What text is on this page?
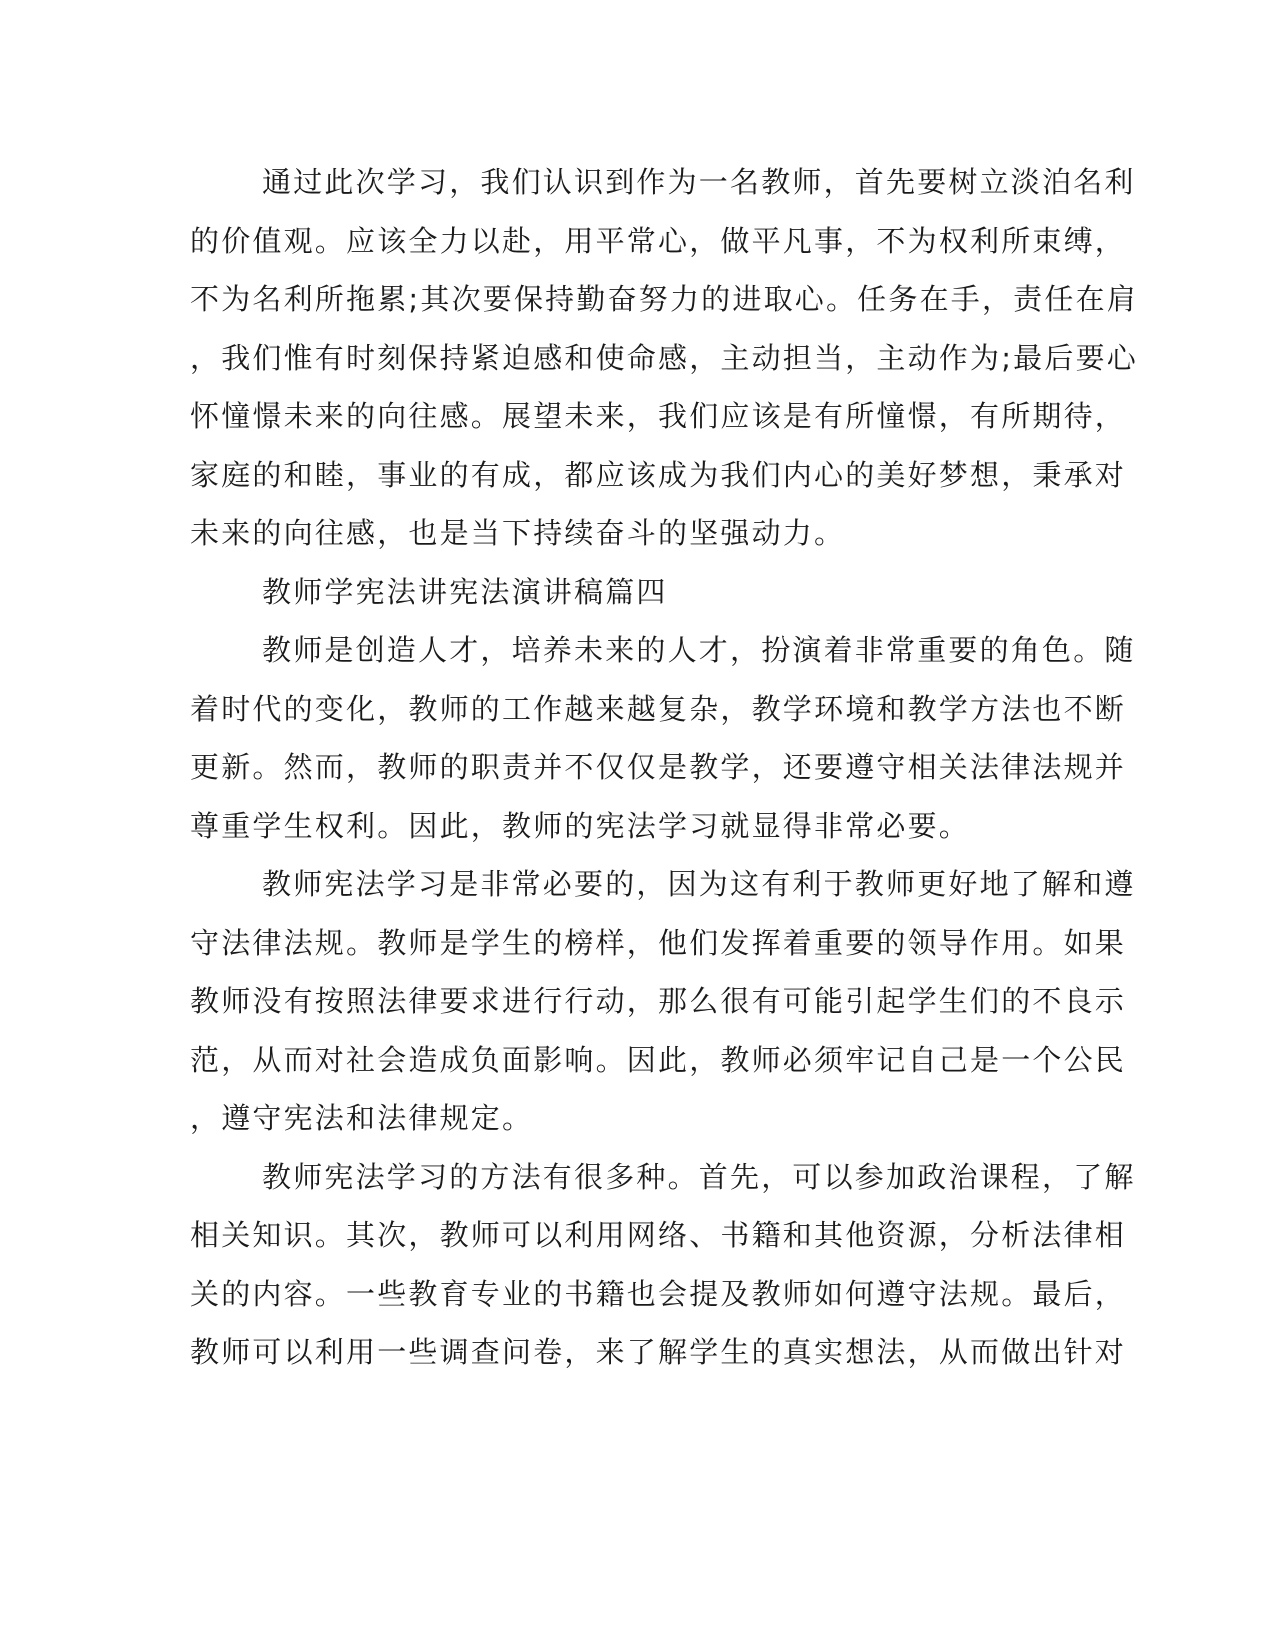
通过此次学习，我们认识到作为一名教师，首先要树立淡泊名利

的价值观。应该全力以赴，用平常心，做平凡事，不为权利所束缚，

不为名利所拖累;其次要保持勤奋努力的进取心。任务在手，责任在肩

，我们惟有时刻保持紧迫感和使命感，主动担当，主动作为;最后要心

怀憧憬未来的向往感。展望未来，我们应该是有所憧憬，有所期待，

家庭的和睦，事业的有成，都应该成为我们内心的美好梦想，秉承对

未来的向往感，也是当下持续奋斗的坚强动力。

教师学宪法讲宪法演讲稿篇四

教师是创造人才，培养未来的人才，扮演着非常重要的角色。随

着时代的变化，教师的工作越来越复杂，教学环境和教学方法也不断

更新。然而，教师的职责并不仅仅是教学，还要遵守相关法律法规并

尊重学生权利。因此，教师的宪法学习就显得非常必要。

教师宪法学习是非常必要的，因为这有利于教师更好地了解和遵

守法律法规。教师是学生的榜样，他们发挥着重要的领导作用。如果

教师没有按照法律要求进行行动，那么很有可能引起学生们的不良示

范，从而对社会造成负面影响。因此，教师必须牢记自己是一个公民

，遵守宪法和法律规定。

教师宪法学习的方法有很多种。首先，可以参加政治课程，了解

相关知识。其次，教师可以利用网络、书籍和其他资源，分析法律相

关的内容。一些教育专业的书籍也会提及教师如何遵守法规。最后，

教师可以利用一些调查问卷，来了解学生的真实想法，从而做出针对
